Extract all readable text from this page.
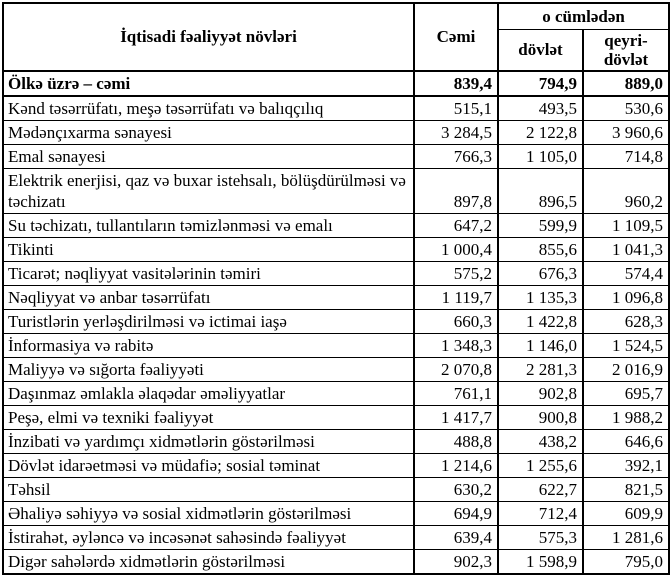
İqtisadi fəaliyyət növləri	Cəmi	o cümlədən	
		dövlət	qeyri-dövlət
Ölkə üzrə – cəmi	839,4	794,9	889,0
Kənd təsərrüfatı, meşə təsərrüfatı və balıqçılıq	515,1	493,5	530,6
Mədənçıxarma sənayesi	3 284,5	2 122,8	3 960,6
Emal sənayesi	766,3	1 105,0	714,8
Elektrik enerjisi, qaz və buxar istehsalı, bölüşdürülməsi və təchizatı	897,8	896,5	960,2
Su təchizatı, tullantıların təmizlənməsi və emalı	647,2	599,9	1 109,5
Tikinti	1 000,4	855,6	1 041,3
Ticarət; nəqliyyat vasitələrinin təmiri	575,2	676,3	574,4
Nəqliyyat və anbar təsərrüfatı	1 119,7	1 135,3	1 096,8
Turistlərin yerləşdirilməsi və ictimai iaşə	660,3	1 422,8	628,3
İnformasiya və rabitə	1 348,3	1 146,0	1 524,5
Maliyyə və sığorta fəaliyyəti	2 070,8	2 281,3	2 016,9
Daşınmaz əmlakla əlaqədar əməliyyatlar	761,1	902,8	695,7
Peşə, elmi və texniki fəaliyyət	1 417,7	900,8	1 988,2
İnzibati və yardımçı xidmətlərin göstərilməsi	488,8	438,2	646,6
Dövlət idarəetməsi və müdafiə; sosial təminat	1 214,6	1 255,6	392,1
Təhsil	630,2	622,7	821,5
Əhaliyə səhiyyə və sosial xidmətlərin göstərilməsi	694,9	712,4	609,9
İstirahət, əyləncə və incəsənət sahəsində fəaliyyət	639,4	575,3	1 281,6
Digər sahələrdə xidmətlərin göstərilməsi	902,3	1 598,9	795,0
